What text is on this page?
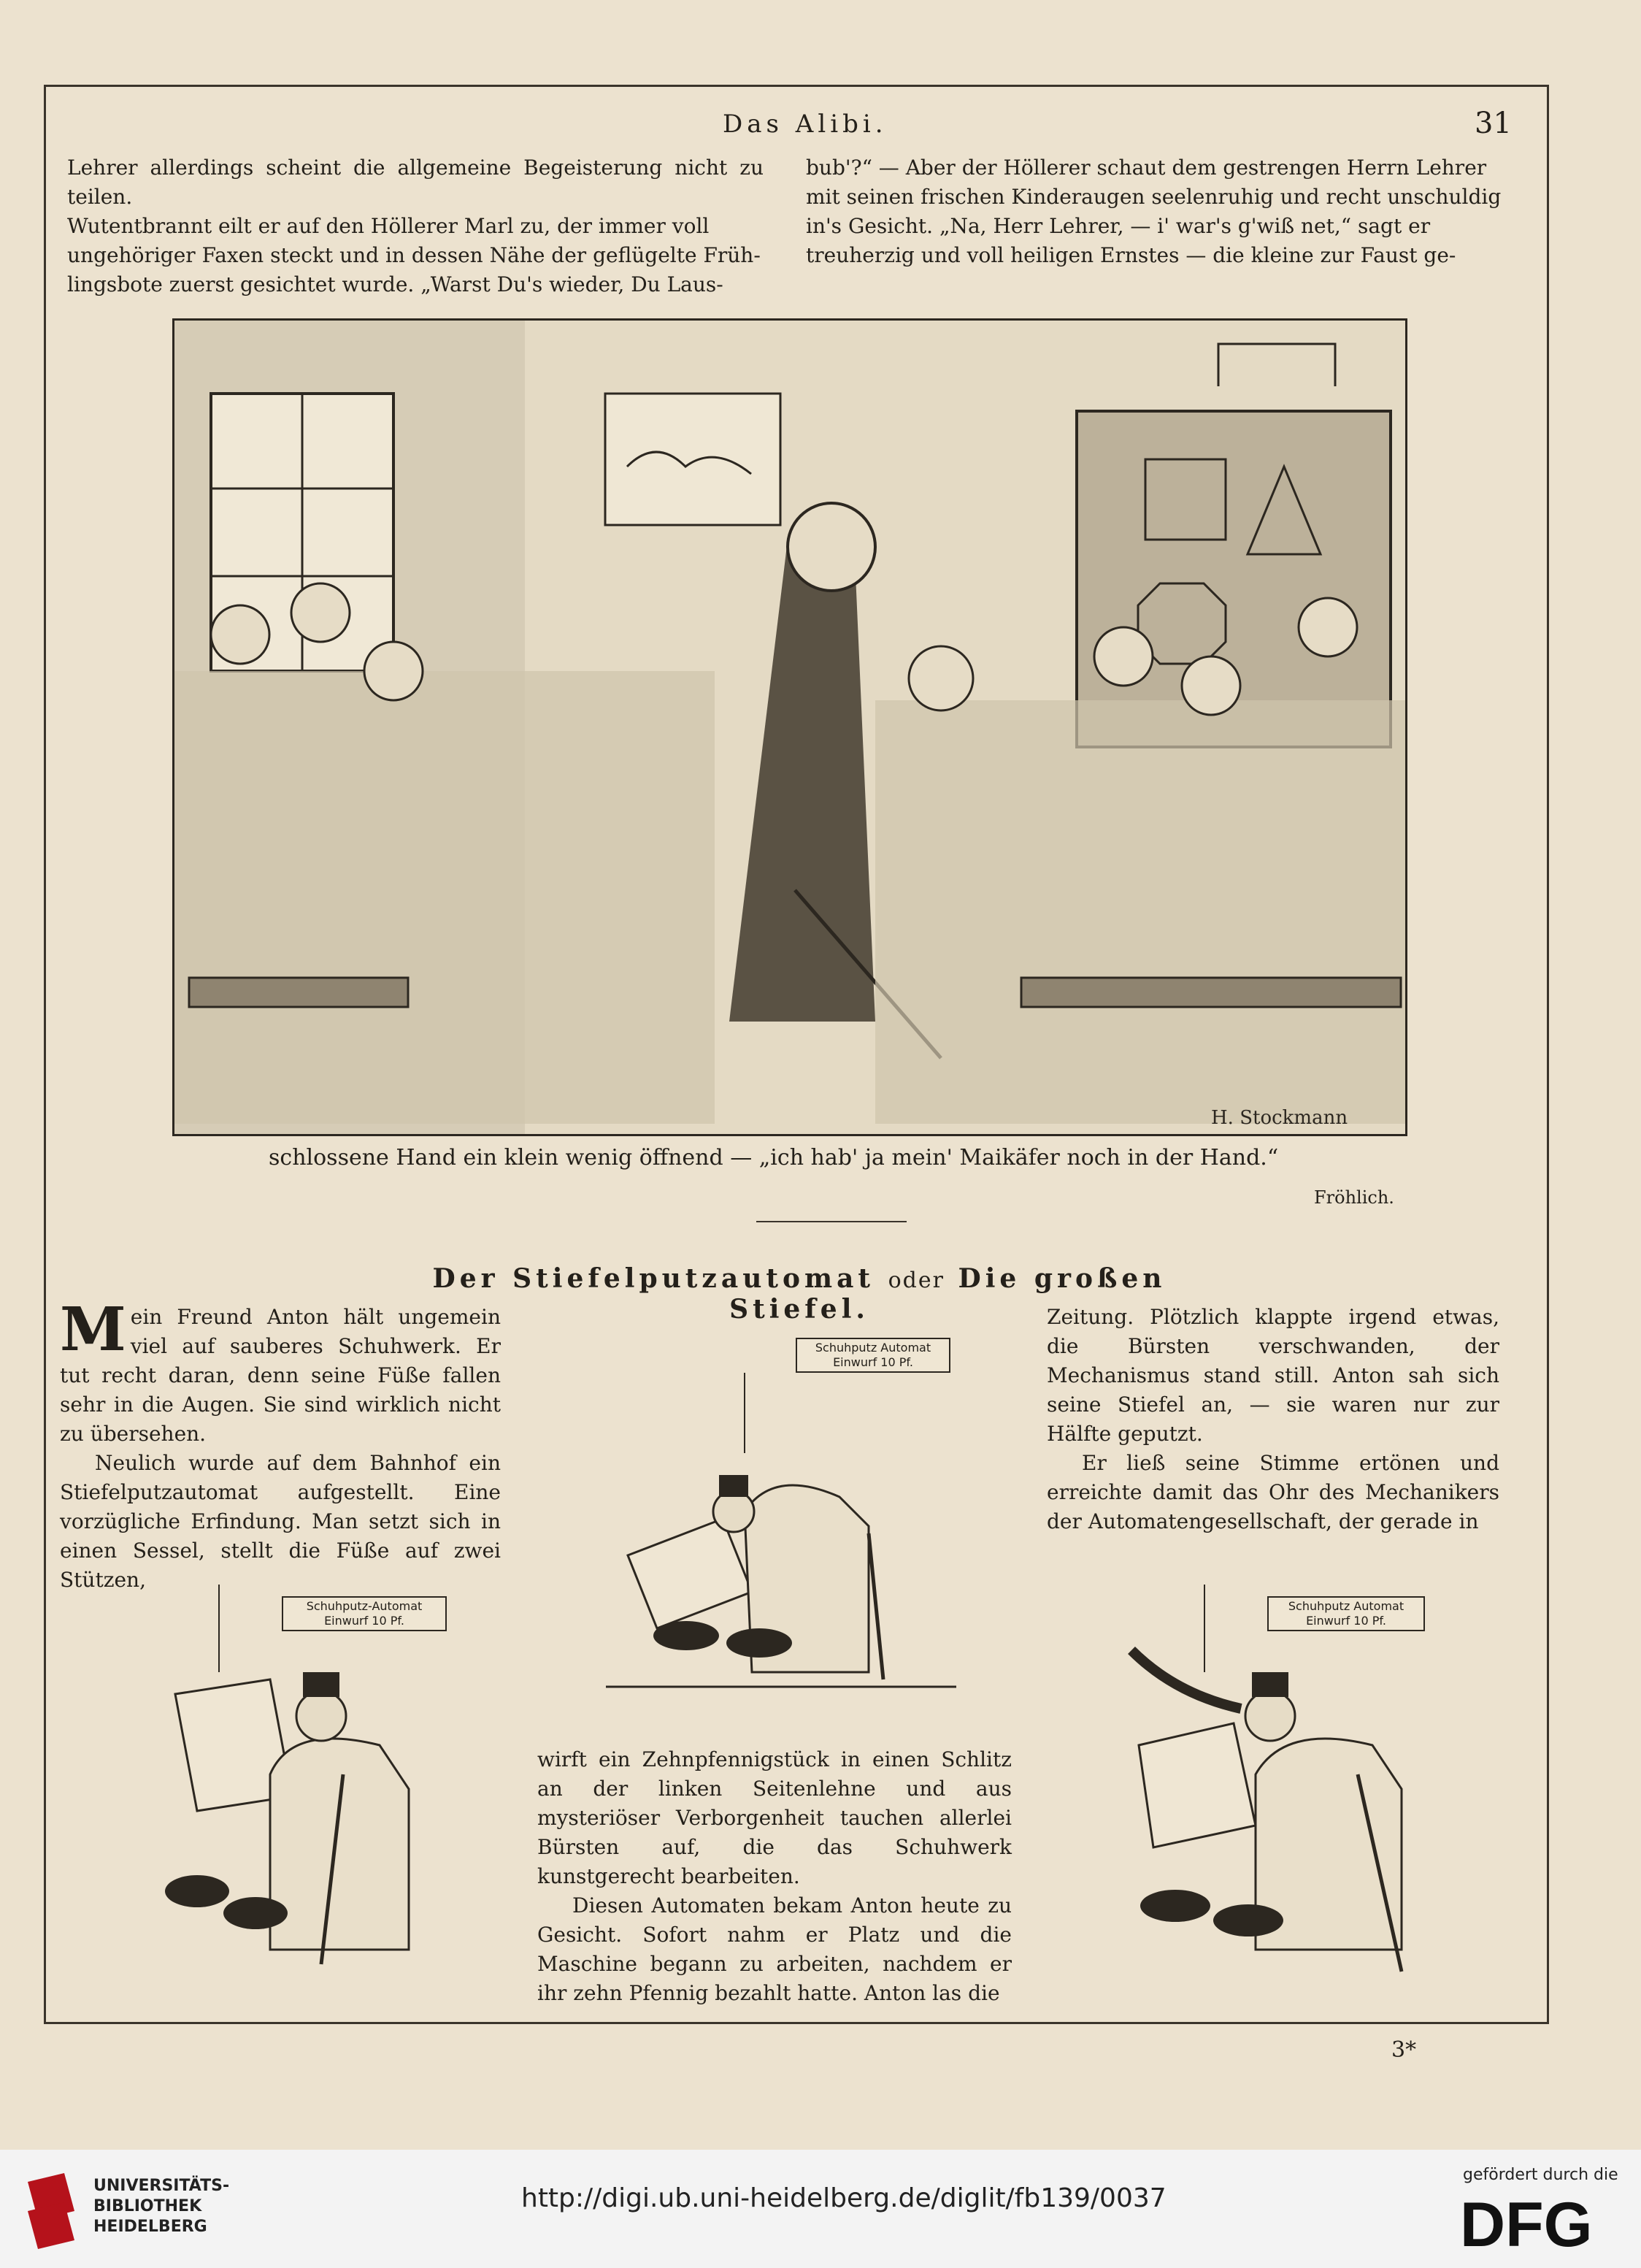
Das Alibi.	31

Lehrer allerdings scheint die allgemeine Begeisterung nicht zu teilen.

Wutentbrannt eilt er auf den Höllerer Marl zu, der immer voll

ungehöriger Faxen steckt und in dessen Nähe der geflügelte Früh-

lingsbote zuerst gesichtet wurde. „Warst Du's wieder, Du Laus-

bub'?“ — Aber der Höllerer schaut dem gestrengen Herrn Lehrer

mit seinen frischen Kinderaugen seelenruhig und recht unschuldig

in's Gesicht. „Na, Herr Lehrer, — i' war's g'wiß net,“ sagt er

treuherzig und voll heiligen Ernstes — die kleine zur Faust ge-

H. Stockmann
schlossene Hand ein klein wenig öffnend — „ich hab' ja mein' Maikäfer noch in der Hand.“
Fröhlich.
Der Stiefelputzautomat oder Die großen Stiefel.

Mein Freund Anton hält ungemein viel auf sauberes Schuhwerk. Er tut recht daran, denn seine Füße fallen sehr in die Augen. Sie sind wirklich nicht zu übersehen.

Neulich wurde auf dem Bahnhof ein Stiefelputzautomat aufgestellt. Eine vorzügliche Erfindung. Man setzt sich in einen Sessel, stellt die Füße auf zwei Stützen,

Schuhputz Automat
Einwurf 10 Pf.

Zeitung. Plötzlich klappte irgend etwas, die Bürsten verschwanden, der Mechanismus stand still. Anton sah sich seine Stiefel an, — sie waren nur zur Hälfte geputzt.

Er ließ seine Stimme ertönen und erreichte damit das Ohr des Mechanikers der Automatengesellschaft, der gerade in

Schuhputz-Automat
Einwurf 10 Pf.

wirft ein Zehnpfennigstück in einen Schlitz an der linken Seitenlehne und aus mysteriöser Verborgenheit tauchen allerlei Bürsten auf, die das Schuhwerk kunstgerecht bearbeiten.

Diesen Automaten bekam Anton heute zu Gesicht. Sofort nahm er Platz und die Maschine begann zu arbeiten, nachdem er ihr zehn Pfennig bezahlt hatte. Anton las die

Schuhputz Automat
Einwurf 10 Pf.
3*
UNIVERSITÄTS-
BIBLIOTHEK
HEIDELBERG
http://digi.ub.uni-heidelberg.de/diglit/fb139/0037
gefördert durch die
DFG
